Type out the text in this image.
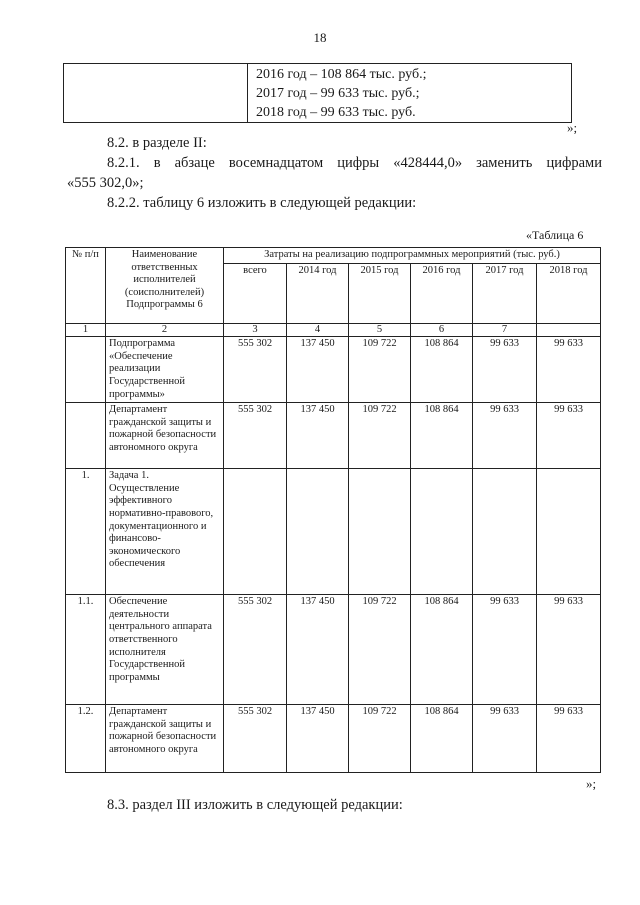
18
2016 год – 108 864 тыс. руб.;
2017 год – 99 633 тыс. руб.;
2018 год – 99 633 тыс. руб.
»;
8.2. в разделе II:
8.2.1. в абзаце восемнадцатом цифры «428444,0» заменить цифрами
«555 302,0»;
8.2.2. таблицу 6 изложить в следующей редакции:
«Таблица 6
№ п/п	Наименование ответственных исполнителей (соисполнителей) Подпрограммы 6	Затраты на реализацию подпрограммных мероприятий (тыс. руб.)					
		всего	2014 год	2015 год	2016 год	2017 год	2018 год
1	2	3	4	5	6	7	
	Подпрограмма «Обеспечение реализации Государственной программы»	555 302	137 450	109 722	108 864	99 633	99 633
	Департамент гражданской защиты и пожарной безопасности автономного округа	555 302	137 450	109 722	108 864	99 633	99 633
1.	Задача 1. Осуществление эффективного нормативно-правового, документационного и финансово-экономического обеспечения						
1.1.	Обеспечение деятельности центрального аппарата ответственного исполнителя Государственной программы	555 302	137 450	109 722	108 864	99 633	99 633
1.2.	Департамент гражданской защиты и пожарной безопасности автономного округа	555 302	137 450	109 722	108 864	99 633	99 633
»;
8.3. раздел III изложить в следующей редакции:
